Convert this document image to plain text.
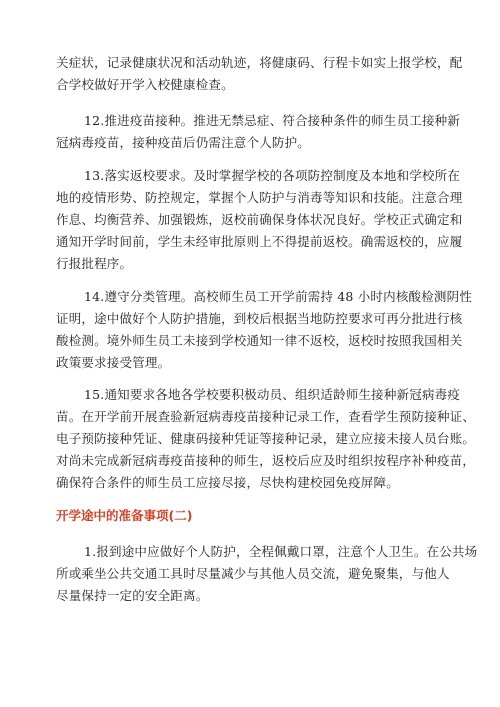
关症状，记录健康状况和活动轨迹，将健康码、行程卡如实上报学校，配
合学校做好开学入校健康检查。
12.推进疫苗接种。推进无禁忌症、符合接种条件的师生员工接种新
冠病毒疫苗，接种疫苗后仍需注意个人防护。
13.落实返校要求。及时掌握学校的各项防控制度及本地和学校所在
地的疫情形势、防控规定，掌握个人防护与消毒等知识和技能。注意合理
作息、均衡营养、加强锻炼，返校前确保身体状况良好。学校正式确定和
通知开学时间前，学生未经审批原则上不得提前返校。确需返校的，应履
行报批程序。
14.遵守分类管理。高校师生员工开学前需持 48 小时内核酸检测阴性
证明，途中做好个人防护措施，到校后根据当地防控要求可再分批进行核
酸检测。境外师生员工未接到学校通知一律不返校，返校时按照我国相关
政策要求接受管理。
15.通知要求各地各学校要积极动员、组织适龄师生接种新冠病毒疫
苗。在开学前开展查验新冠病毒疫苗接种记录工作，查看学生预防接种证、
电子预防接种凭证、健康码接种凭证等接种记录，建立应接未接人员台账。
对尚未完成新冠病毒疫苗接种的师生，返校后应及时组织按程序补种疫苗，
确保符合条件的师生员工应接尽接，尽快构建校园免疫屏障。
开学途中的准备事项(二)
1.报到途中应做好个人防护，全程佩戴口罩，注意个人卫生。在公共场
所或乘坐公共交通工具时尽量减少与其他人员交流，避免聚集，与他人
尽量保持一定的安全距离。
